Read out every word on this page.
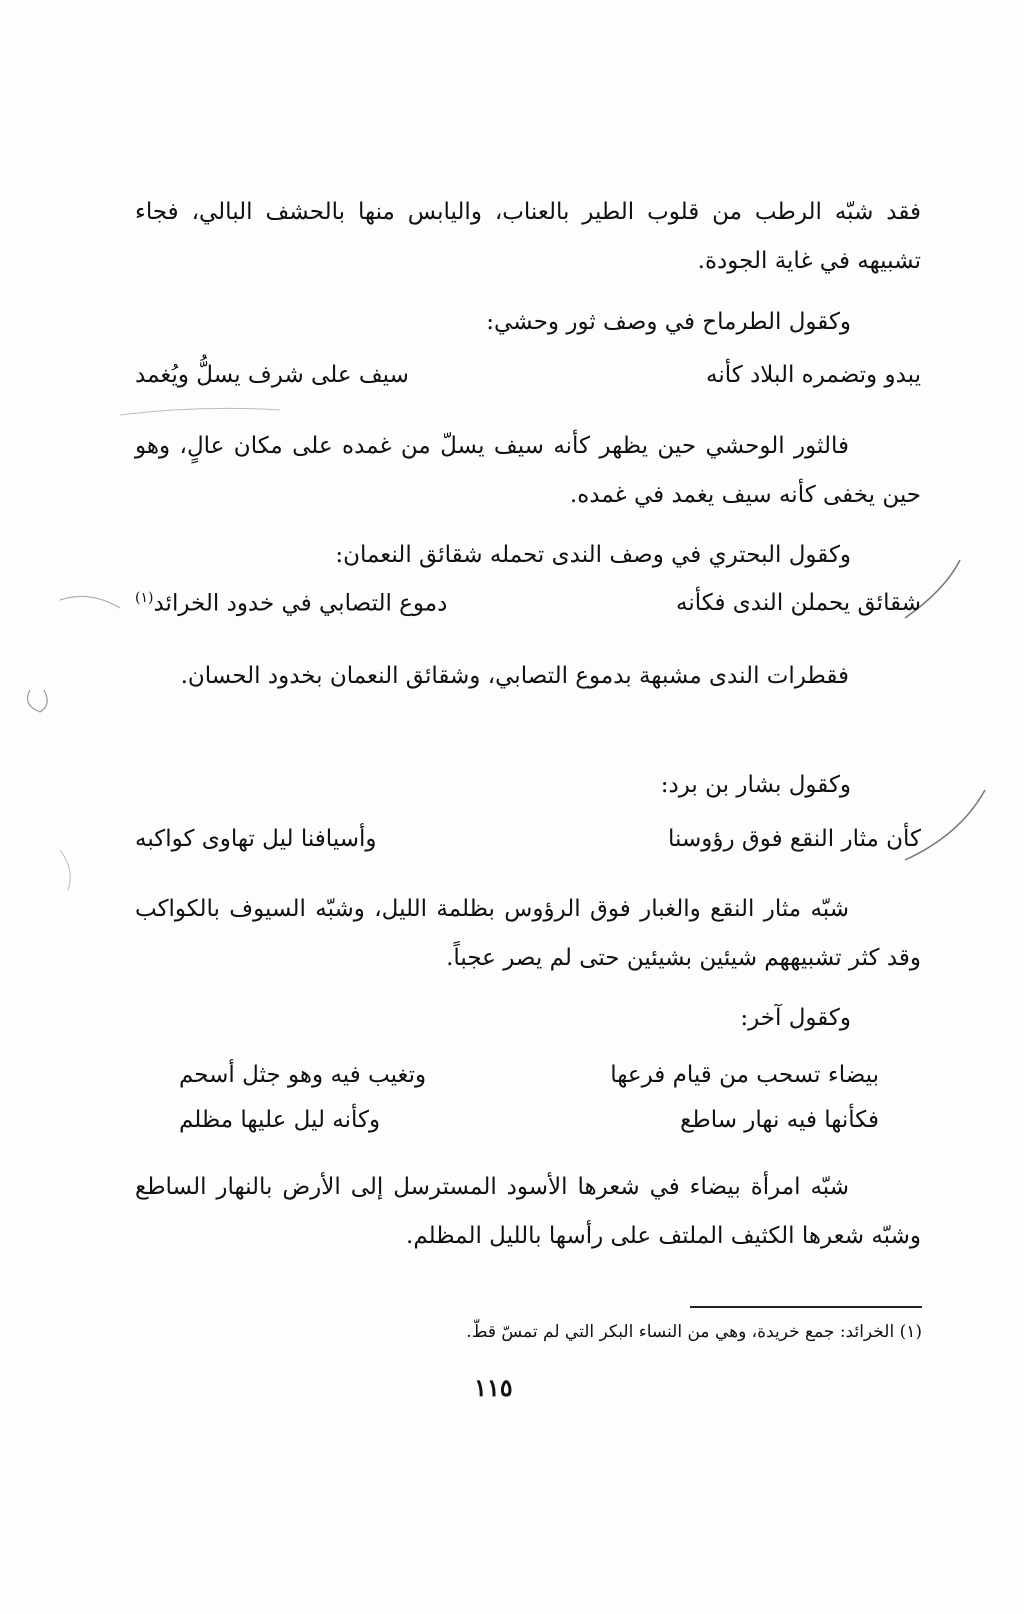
فقد شبّه الرطب من قلوب الطير بالعناب، واليابس منها بالحشف البالي، فجاء تشبيهه في غاية الجودة.
وكقول الطرماح في وصف ثور وحشي:
يبدو وتضمره البلاد كأنه
سيف على شرف يسلُّ ويُغمد
فالثور الوحشي حين يظهر كأنه سيف يسلّ من غمده على مكان عالٍ، وهو حين يخفى كأنه سيف يغمد في غمده.
وكقول البحتري في وصف الندى تحمله شقائق النعمان:
شقائق يحملن الندى فكأنه
دموع التصابي في خدود الخرائد$^{(١)}$
فقطرات الندى مشبهة بدموع التصابي، وشقائق النعمان بخدود الحسان.
وكقول بشار بن برد:
كأن مثار النقع فوق رؤوسنا
وأسيافنا ليل تهاوى كواكبه
شبّه مثار النقع والغبار فوق الرؤوس بظلمة الليل، وشبّه السيوف بالكواكب وقد كثر تشبيههم شيئين بشيئين حتى لم يصر عجباً.
وكقول آخر:
بيضاء تسحب من قيام فرعها
وتغيب فيه وهو جثل أسحم
فكأنها فيه نهار ساطع
وكأنه ليل عليها مظلم
شبّه امرأة بيضاء في شعرها الأسود المسترسل إلى الأرض بالنهار الساطع وشبّه شعرها الكثيف الملتف على رأسها بالليل المظلم.
(١) الخرائد: جمع خريدة، وهي من النساء البكر التي لم تمسّ قطّ.
١١٥
